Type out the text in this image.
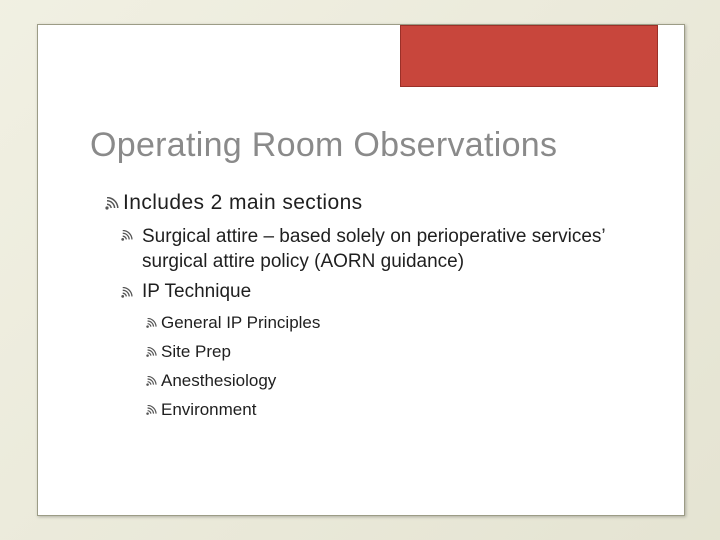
Operating Room Observations
Includes 2 main sections
Surgical attire – based solely on perioperative services’ surgical attire policy (AORN guidance)
IP Technique
General IP Principles
Site Prep
Anesthesiology
Environment
